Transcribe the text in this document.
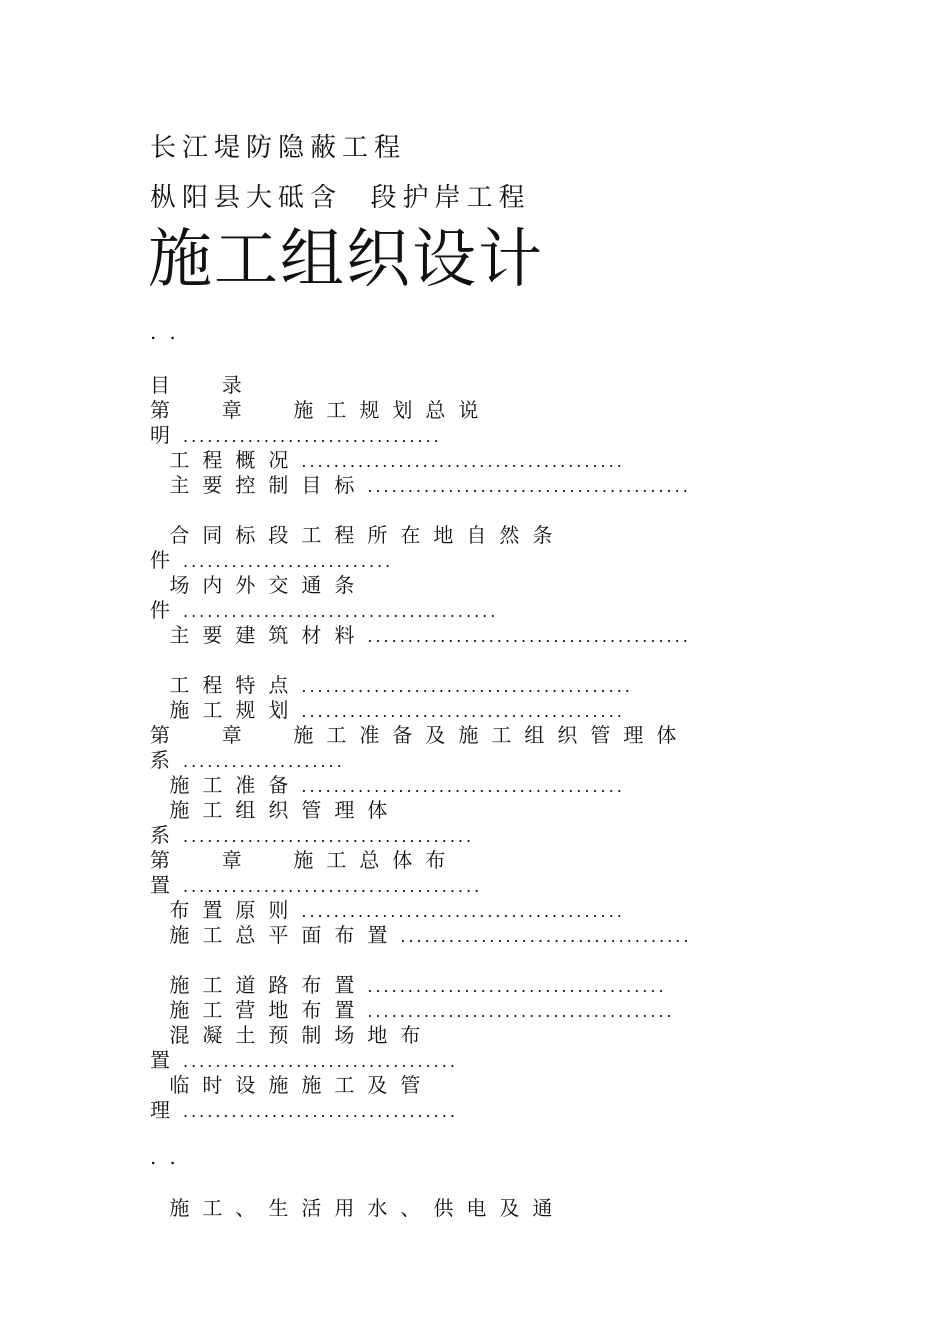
长江堤防隐蔽工程
枞阳县大砥含  段护岸工程
施工组织设计
..
目  录
第  章  施工规划总说
明................................
工程概况........................................
主要控制目标........................................
合同标段工程所在地自然条
件..........................
场内外交通条
件.......................................
主要建筑材料........................................
工程特点.........................................
施工规划........................................
第  章  施工准备及施工组织管理体
系....................
施工准备........................................
施工组织管理体
系....................................
第  章  施工总体布
置.....................................
布置原则........................................
施工总平面布置....................................
施工道路布置.....................................
施工营地布置......................................
混凝土预制场地布
置..................................
临时设施施工及管
理..................................
..
施工、生活用水、供电及通
